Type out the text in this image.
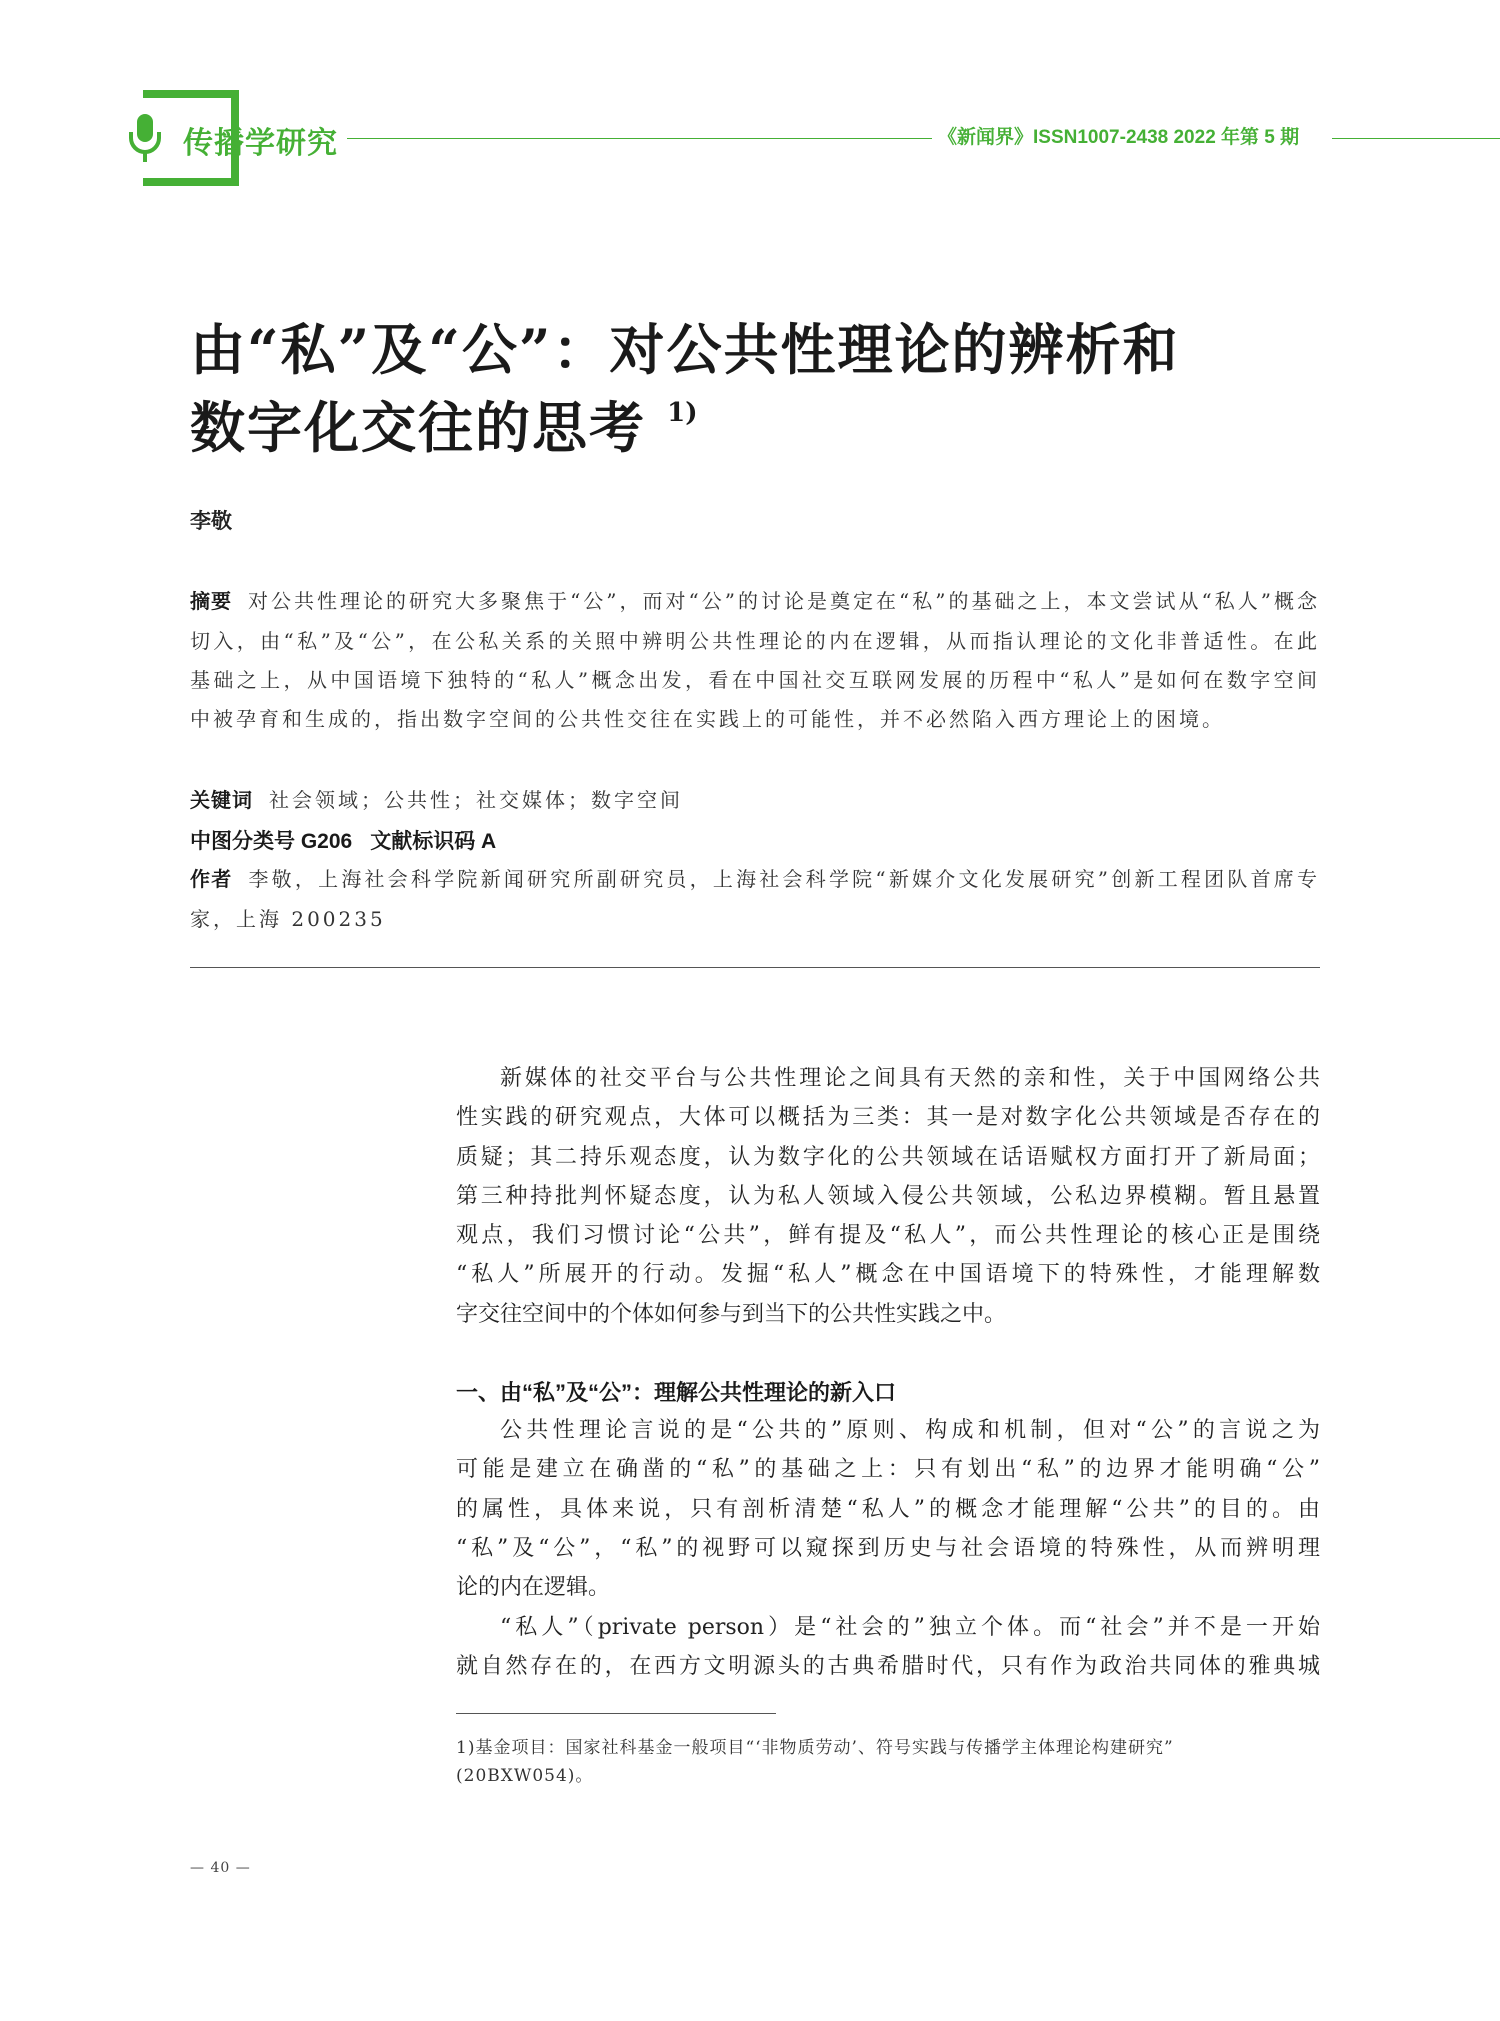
传播学研究	《新闻界》ISSN1007-2438 2022 年第 5 期
由“私”及“公”：对公共性理论的辨析和
数字化交往的思考 $^{1)}$
李敬
摘要 对公共性理论的研究大多聚焦于“公”，而对“公”的讨论是奠定在“私”的基础之上，本文尝试从“私人”概念切入，由“私”及“公”，在公私关系的关照中辨明公共性理论的内在逻辑，从而指认理论的文化非普适性。在此基础之上，从中国语境下独特的“私人”概念出发，看在中国社交互联网发展的历程中“私人”是如何在数字空间中被孕育和生成的，指出数字空间的公共性交往在实践上的可能性，并不必然陷入西方理论上的困境。
关键词 社会领域；公共性；社交媒体；数字空间
中图分类号 G206 文献标识码 A
作者 李敬，上海社会科学院新闻研究所副研究员，上海社会科学院“新媒介文化发展研究”创新工程团队首席专家，上海 200235

新媒体的社交平台与公共性理论之间具有天然的亲和性，关于中国网络公共

性实践的研究观点，大体可以概括为三类：其一是对数字化公共领域是否存在的

质疑；其二持乐观态度，认为数字化的公共领域在话语赋权方面打开了新局面；

第三种持批判怀疑态度，认为私人领域入侵公共领域，公私边界模糊。暂且悬置

观点，我们习惯讨论“公共”，鲜有提及“私人”，而公共性理论的核心正是围绕

“私人”所展开的行动。发掘“私人”概念在中国语境下的特殊性，才能理解数

字交往空间中的个体如何参与到当下的公共性实践之中。

一、由“私”及“公”：理解公共性理论的新入口

公共性理论言说的是“公共的”原则、构成和机制，但对“公”的言说之为

可能是建立在确凿的“私”的基础之上：只有划出“私”的边界才能明确“公”

的属性，具体来说，只有剖析清楚“私人”的概念才能理解“公共”的目的。由

“私”及“公”，“私”的视野可以窥探到历史与社会语境的特殊性，从而辨明理

论的内在逻辑。

“私人”（private person）是“社会的”独立个体。而“社会”并不是一开始

就自然存在的，在西方文明源头的古典希腊时代，只有作为政治共同体的雅典城

1)基金项目：国家社科基金一般项目“‘非物质劳动’、符号实践与传播学主体理论构建研究”
(20BXW054)。
— 40 —
